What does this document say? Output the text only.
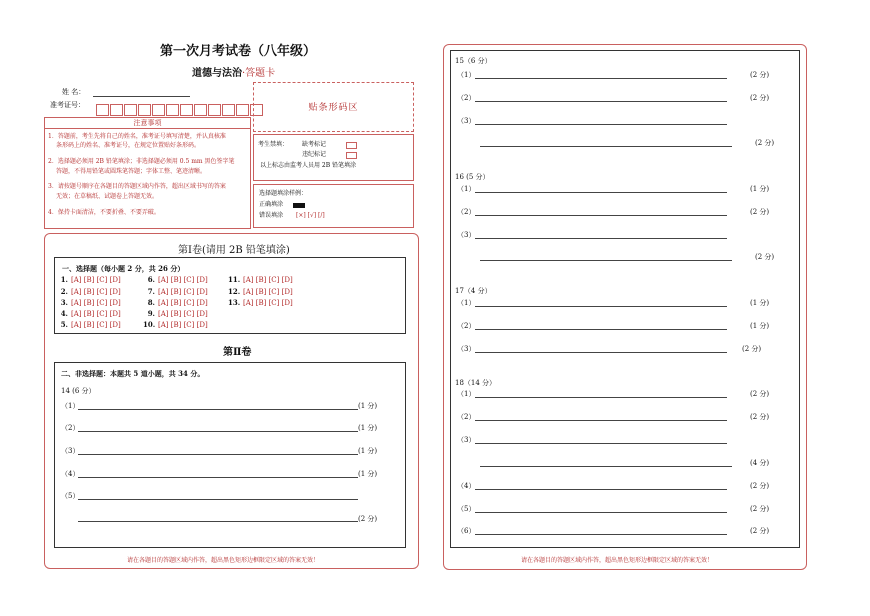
第一次月考试卷（八年级）
道德与法治·答题卡
姓 名：
准考证号：	贴条形码区
注意事项
1．答题前，考生先将自己的姓名，准考证号填写清楚，并认真核准
条形码上的姓名、准考证号，在规定位置贴好条形码。
2．选择题必须用 2B 铅笔填涂；非选择题必须用 0.5 mm 黑色签字笔
答题，不得用铅笔或圆珠笔答题；字体工整、笔迹清晰。
3．请按题号顺序在各题目的答题区域内作答，超出区域书写的答案
无效；在草稿纸、试题卷上答题无效。
4．保持卡面清洁，不要折叠、不要弄破。
考生禁填： 缺考标记
违纪标记
以上标志由监考人员用 2B 铅笔填涂
选择题填涂样例：
正确填涂
错误填涂 [×] [√] [/]
第Ⅰ卷(请用 2B 铅笔填涂)
一、选择题（每小题 2 分，共 26 分）
1. [A] [B] [C] [D]
2. [A] [B] [C] [D]
3. [A] [B] [C] [D]
4. [A] [B] [C] [D]
5. [A] [B] [C] [D]
6. [A] [B] [C] [D]
7. [A] [B] [C] [D]
8. [A] [B] [C] [D]
9. [A] [B] [C] [D]
10. [A] [B] [C] [D]
11. [A] [B] [C] [D]
12. [A] [B] [C] [D]
13. [A] [B] [C] [D]
第Ⅱ卷
二、非选择题：本题共 5 道小题，共 34 分。
14 (6 分）
（1）	(1 分)
（2）	(1 分)
（3）	(1 分)
（4）	(1 分)
（5）
(2 分)
请在各题目的答题区域内作答，超出黑色矩形边框限定区域的答案无效！
15（6 分）
（1）	(2 分)
（2）	(2 分)
（3）
(2 分)
16 (5 分）
（1）	(1 分)
（2）	(2 分)
（3）
(2 分)
17（4 分）
（1）	(1 分)
（2）	(1 分)
（3）	(2 分)
18（14 分）
（1）	(2 分)
（2）	(2 分)
（3）
(4 分)
（4）	(2 分)
（5）	(2 分)
（6）	(2 分)
请在各题目的答题区域内作答，超出黑色矩形边框限定区域的答案无效！
